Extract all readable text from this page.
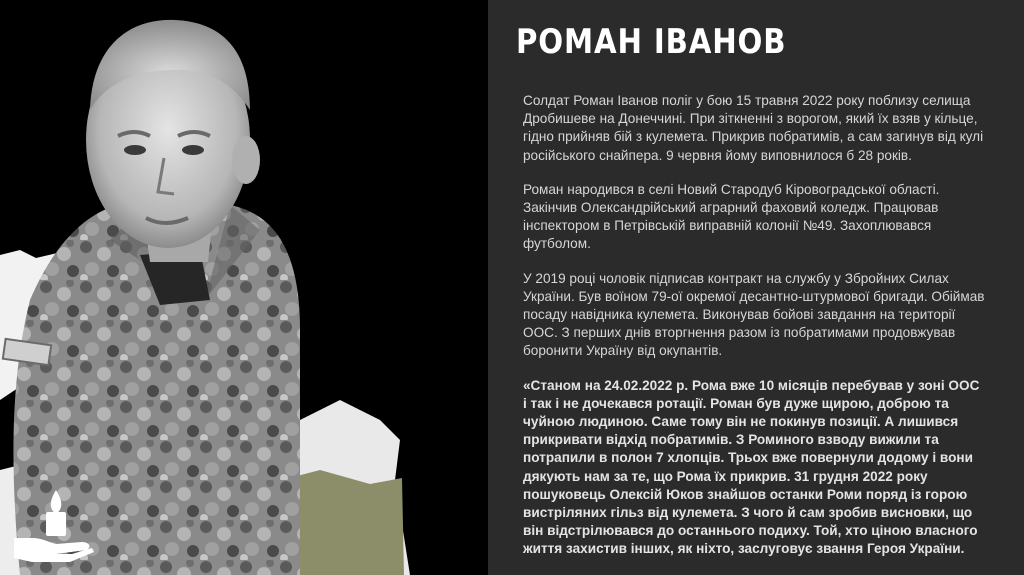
РОМАН ІВАНОВ

Солдат Роман Іванов поліг у бою 15 травня 2022 року поблизу селища Дробишеве на Донеччині. При зіткненні з ворогом, який їх взяв у кільце, гідно прийняв бій з кулемета. Прикрив побратимів, а сам загинув від кулі російського снайпера. 9 червня йому виповнилося б 28 років.

Роман народився в селі Новий Стародуб Кіровоградської області. Закінчив Олександрійський аграрний фаховий коледж. Працював інспектором в Петрівській виправній колонії №49. Захоплювався футболом.

У 2019 році чоловік підписав контракт на службу у Збройних Силах України. Був воїном 79-ої окремої десантно-штурмової бригади. Обіймав посаду навідника кулемета. Виконував бойові завдання на території ООС. З перших днів вторгнення разом із побратимами продовжував боронити Україну від окупантів.

«Станом на 24.02.2022 р. Рома вже 10 місяців перебував у зоні ООС і так і не дочекався ротації. Роман був дуже щирою, доброю та чуйною людиною. Саме тому він не покинув позиції. А лишився прикривати відхід побратимів. З Роминого взводу вижили та потрапили в полон 7 хлопців. Трьох вже повернули додому і вони дякують нам за те, що Рома їх прикрив. 31 грудня 2022 року пошуковець Олексій Юков знайшов останки Роми поряд із горою вистріляних гільз від кулемета. З чого й сам зробив висновки, що він відстрілювався до останнього подиху. Той, хто ціною власного життя захистив інших, як ніхто, заслуговує звання Героя України.
